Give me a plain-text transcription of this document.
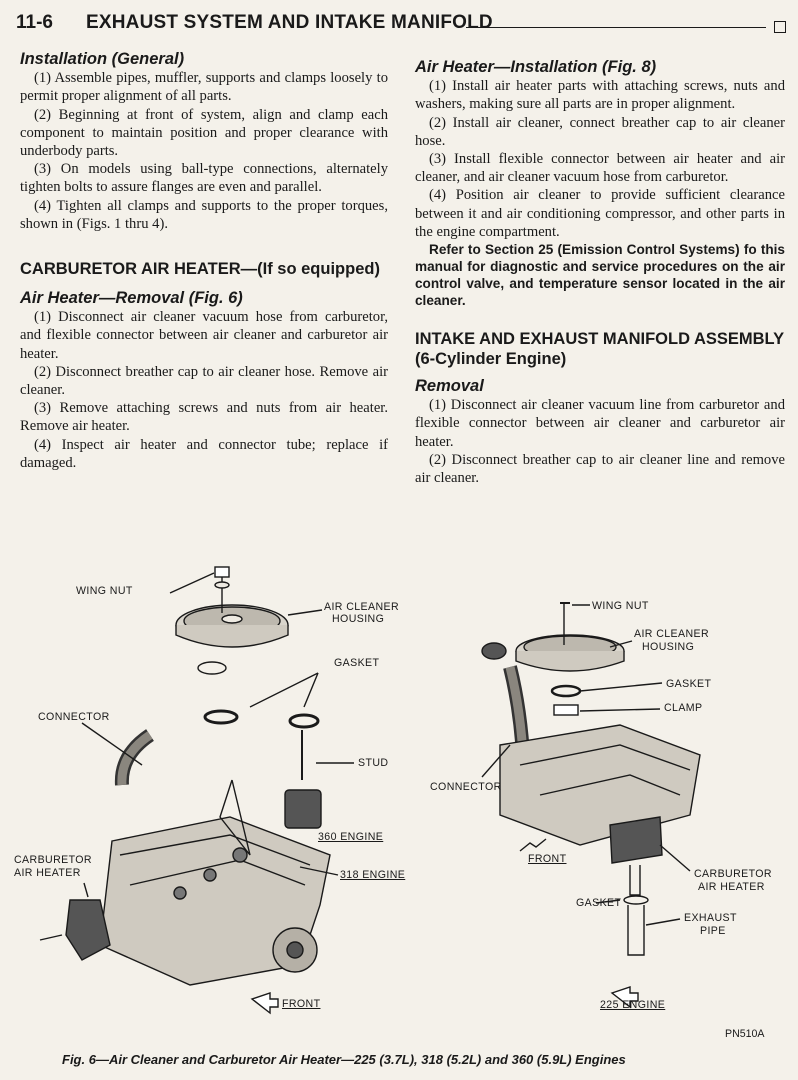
11-6 EXHAUST SYSTEM AND INTAKE MANIFOLD
Installation (General)

(1) Assemble pipes, muffler, supports and clamps loosely to permit proper alignment of all parts.

(2) Beginning at front of system, align and clamp each component to maintain position and proper clearance with underbody parts.

(3) On models using ball-type connections, alternately tighten bolts to assure flanges are even and parallel.

(4) Tighten all clamps and supports to the proper torques, shown in (Figs. 1 thru 4).

CARBURETOR AIR HEATER—(If so equipped)
Air Heater—Removal (Fig. 6)

(1) Disconnect air cleaner vacuum hose from carburetor, and flexible connector between air cleaner and carburetor air heater.

(2) Disconnect breather cap to air cleaner hose. Remove air cleaner.

(3) Remove attaching screws and nuts from air heater. Remove air heater.

(4) Inspect air heater and connector tube; replace if damaged.

Air Heater—Installation (Fig. 8)

(1) Install air heater parts with attaching screws, nuts and washers, making sure all parts are in proper alignment.

(2) Install air cleaner, connect breather cap to air cleaner hose.

(3) Install flexible connector between air heater and air cleaner, and air cleaner vacuum hose from carburetor.

(4) Position air cleaner to provide sufficient clearance between it and air conditioning compressor, and other parts in the engine compartment.

Refer to Section 25 (Emission Control Systems) fo this manual for diagnostic and service procedures on the air control valve, and temperature sensor located in the air cleaner.

INTAKE AND EXHAUST MANIFOLD ASSEMBLY (6-Cylinder Engine)
Removal

(1) Disconnect air cleaner vacuum line from carburetor and flexible connector between air cleaner and carburetor air heater.

(2) Disconnect breather cap to air cleaner line and remove air cleaner.

WING NUT
AIR CLEANER
HOUSING
GASKET
CONNECTOR
STUD
360 ENGINE
CARBURETOR
AIR HEATER	318 ENGINE
FRONT
WING NUT
AIR CLEANER
HOUSING
GASKET
CLAMP
CONNECTOR
FRONT
CARBURETOR
AIR HEATER
GASKET
EXHAUST
PIPE
225 ENGINE
PN510A
Fig. 6—Air Cleaner and Carburetor Air Heater—225 (3.7L), 318 (5.2L) and 360 (5.9L) Engines
